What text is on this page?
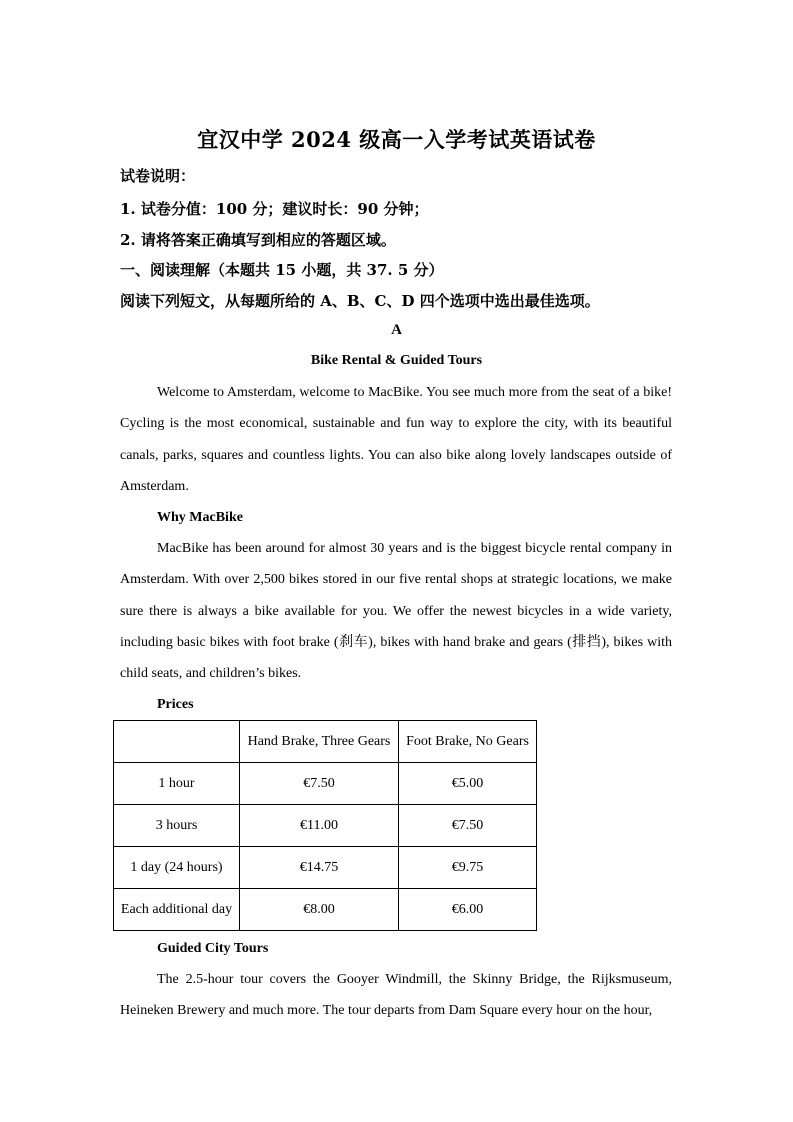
宜汉中学 2024 级高一入学考试英语试卷
试卷说明：
1. 试卷分值：100 分；建议时长：90 分钟；
2. 请将答案正确填写到相应的答题区域。
一、阅读理解（本题共 15 小题，共 37. 5 分）
阅读下列短文，从每题所给的 A、B、C、D 四个选项中选出最佳选项。
A
Bike Rental & Guided Tours
Welcome to Amsterdam, welcome to MacBike. You see much more from the seat of a bike! Cycling is the most economical, sustainable and fun way to explore the city, with its beautiful canals, parks, squares and countless lights. You can also bike along lovely landscapes outside of Amsterdam.
Why MacBike
MacBike has been around for almost 30 years and is the biggest bicycle rental company in Amsterdam. With over 2,500 bikes stored in our five rental shops at strategic locations, we make sure there is always a bike available for you. We offer the newest bicycles in a wide variety, including basic bikes with foot brake (刹车), bikes with hand brake and gears (排挡), bikes with child seats, and children’s bikes.
Prices
	Hand Brake, Three Gears	Foot Brake, No Gears
1 hour	€7.50	€5.00
3 hours	€11.00	€7.50
1 day (24 hours)	€14.75	€9.75
Each additional day	€8.00	€6.00
Guided City Tours
The 2.5-hour tour covers the Gooyer Windmill, the Skinny Bridge, the Rijksmuseum, Heineken Brewery and much more. The tour departs from Dam Square every hour on the hour,
